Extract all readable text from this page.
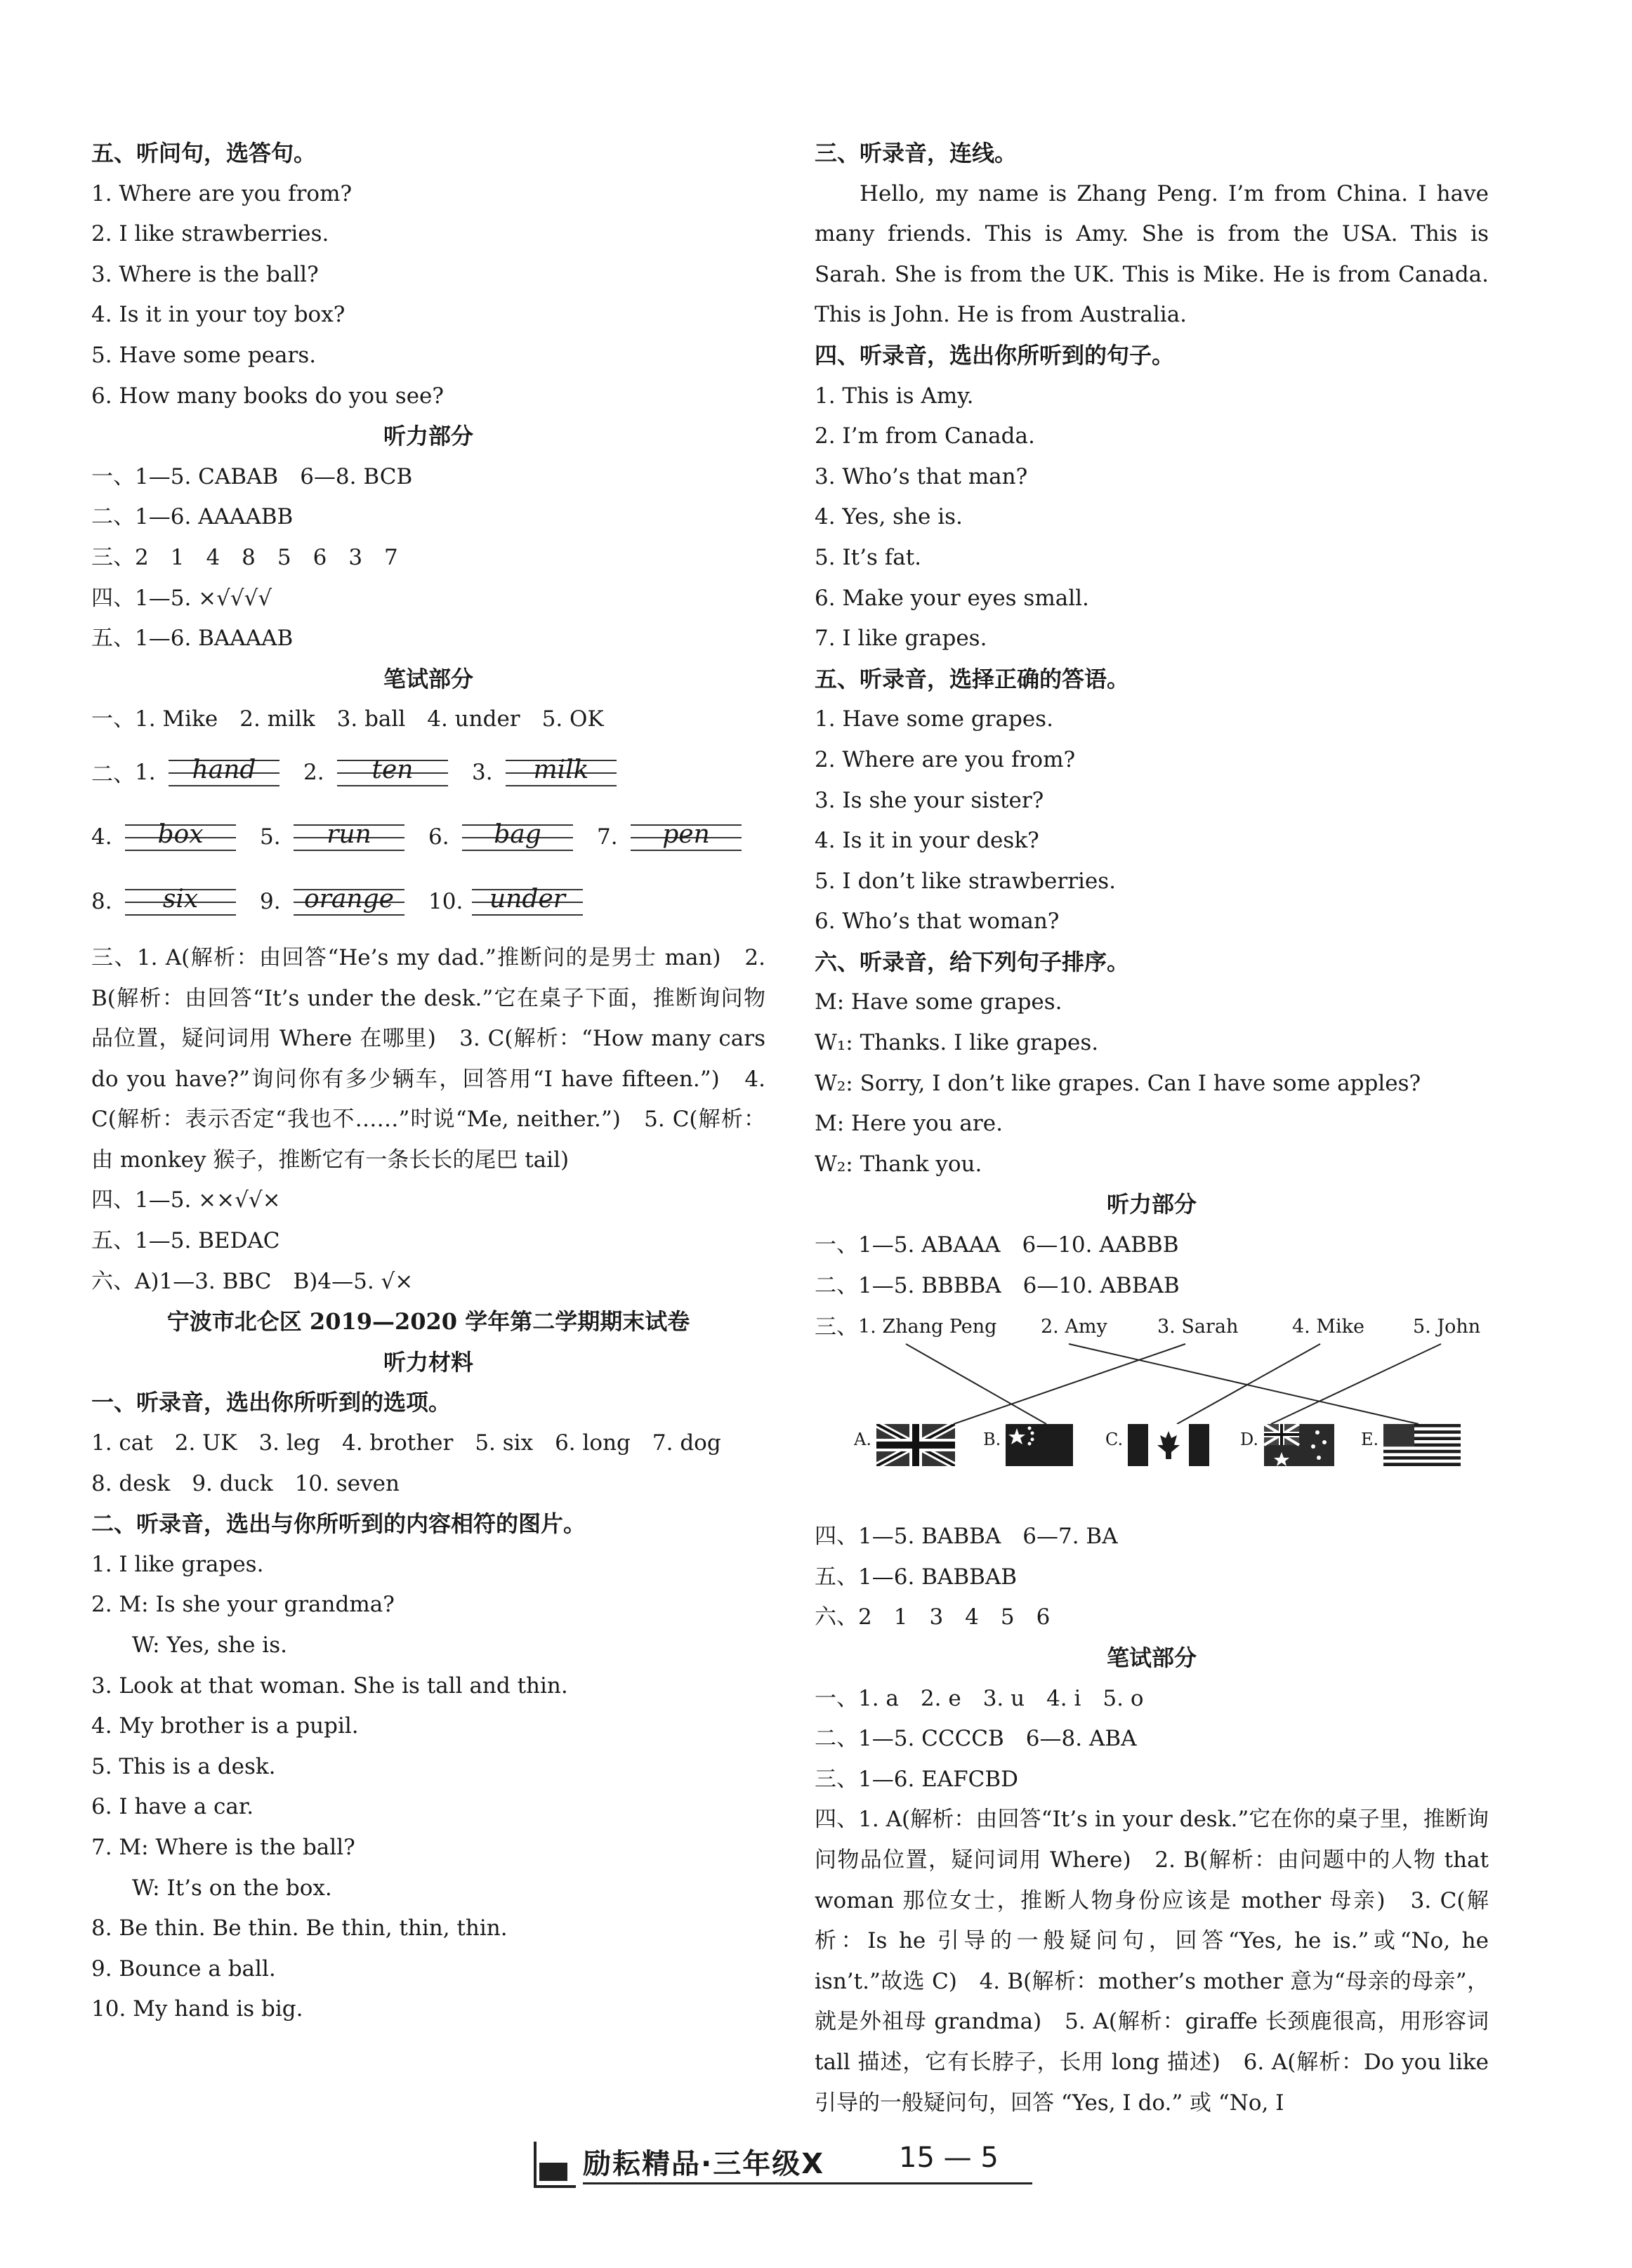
五、听问句，选答句。
1. Where are you from?
2. I like strawberries.
3. Where is the ball?
4. Is it in your toy box?
5. Have some pears.
6. How many books do you see?
听力部分
一、1—5. CABAB　6—8. BCB
二、1—6. AAAABB
三、2　1　4　8　5　6　3　7
四、1—5. ×√√√√
五、1—6. BAAAAB
笔试部分
一、1. Mike　2. milk　3. ball　4. under　5. OK
二、 1.	hand	2.	ten	3.	milk
4.	box	5.	run	6.	bag	7.	pen
8.	six	9. orange	10.	under
三、1. A(解析：由回答“He’s my dad.”推断问的是男士 man)　2. B(解析：由回答“It’s under the desk.”它在桌子下面，推断询问物品位置，疑问词用 Where 在哪里)　3. C(解析：“How many cars do you have?”询问你有多少辆车，回答用“I have fifteen.”)　4. C(解析：表示否定“我也不……”时说“Me, neither.”)　5. C(解析：由 monkey 猴子，推断它有一条长长的尾巴 tail)
四、1—5. ××√√×
五、1—5. BEDAC
六、A)1—3. BBC　B)4—5. √×
宁波市北仑区 2019—2020 学年第二学期期末试卷
听力材料
一、听录音，选出你所听到的选项。
1. cat　2. UK　3. leg　4. brother　5. six　6. long　7. dog
8. desk　9. duck　10. seven
二、听录音，选出与你所听到的内容相符的图片。
1. I like grapes.
2. M: Is she your grandma?
W: Yes, she is.
3. Look at that woman. She is tall and thin.
4. My brother is a pupil.
5. This is a desk.
6. I have a car.
7. M: Where is the ball?
W: It’s on the box.
8. Be thin. Be thin. Be thin, thin, thin.
9. Bounce a ball.
10. My hand is big.
三、听录音，连线。
Hello, my name is Zhang Peng. I’m from China. I have many friends. This is Amy. She is from the USA. This is Sarah. She is from the UK. This is Mike. He is from Canada. This is John. He is from Australia.
四、听录音，选出你所听到的句子。
1. This is Amy.
2. I’m from Canada.
3. Who’s that man?
4. Yes, she is.
5. It’s fat.
6. Make your eyes small.
7. I like grapes.
五、听录音，选择正确的答语。
1. Have some grapes.
2. Where are you from?
3. Is she your sister?
4. Is it in your desk?
5. I don’t like strawberries.
6. Who’s that woman?
六、听录音，给下列句子排序。
M: Have some grapes.
W₁: Thanks. I like grapes.
W₂: Sorry, I don’t like grapes. Can I have some apples?
M: Here you are.
W₂: Thank you.
听力部分
一、1—5. ABAAA　6—10. AABBB
二、1—5. BBBBA　6—10. ABBAB
三、 1. Zhang Peng 2. Amy	3. Sarah	4. Mike	5. John
A.	B.	C.	D.	E.
四、1—5. BABBA　6—7. BA
五、1—6. BABBAB
六、2　1　3　4　5　6
笔试部分
一、1. a　2. e　3. u　4. i　5. o
二、1—5. CCCCB　6—8. ABA
三、1—6. EAFCBD
四、1. A(解析：由回答“It’s in your desk.”它在你的桌子里，推断询问物品位置，疑问词用 Where)　2. B(解析：由问题中的人物 that woman 那位女士，推断人物身份应该是 mother 母亲)　3. C(解析：Is he 引导的一般疑问句，回答“Yes, he is.”或“No, he isn’t.”故选 C)　4. B(解析：mother’s mother 意为“母亲的母亲”，就是外祖母 grandma)　5. A(解析：giraffe 长颈鹿很高，用形容词 tall 描述，它有长脖子，长用 long 描述)　6. A(解析：Do you like 引导的一般疑问句，回答 “Yes, I do.” 或 “No, I
励耘精品·三年级X	15 — 5
